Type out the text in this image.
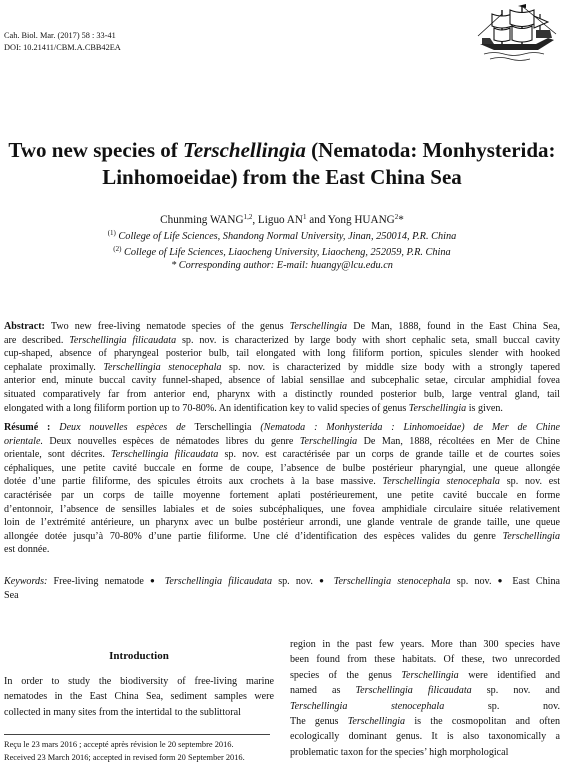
Cah. Biol. Mar. (2017) 58 : 33-41
DOI: 10.21411/CBM.A.CBB42EA
Two new species of Terschellingia (Nematoda: Monhysterida:
Linhomoeidae) from the East China Sea
Chunming WANG$^{1,2}$, Liguo $AN^1$ and Yong HUANG$^2$*
$^{(1)}$ College of Life Sciences, Shandong Normal University, Jinan, 250014, P.R. China
$^{(2)}$ College of Life Sciences, Liaocheng University, Liaocheng, 252059, P.R. China
* Corresponding author: E-mail: huangy@lcu.edu.cn
Abstract: Two new free-living nematode species of the genus Terschellingia De Man, 1888, found in the East China Sea,
are described. Terschellingia filicaudata sp. nov. is characterized by large body with short cephalic seta, small buccal cavity
cup-shaped, absence of pharyngeal posterior bulb, tail elongated with long filiform portion, spicules slender with hooked
cephalate proximally. Terschellingia stenocephala sp. nov. is characterized by middle size body with a strongly tapered
anterior end, minute buccal cavity funnel-shaped, absence of labial sensillae and subcephalic setae, circular amphidial fovea
situated comparatively far from anterior end, pharynx with a distinctly rounded posterior bulb, large ventral gland, tail
elongated with a long filiform portion up to 70-80%. An identification key to valid species of genus Terschellingia is given.
Résumé : Deux nouvelles espèces de Terschellingia (Nematoda : Monhysterida : Linhomoeidae) de Mer de Chine
orientale. Deux nouvelles espèces de nématodes libres du genre Terschellingia De Man, 1888, récoltées en Mer de Chine
orientale, sont décrites. Terschellingia filicaudata sp. nov. est caractérisée par un corps de grande taille et de courtes soies
céphaliques, une petite cavité buccale en forme de coupe, l’absence de bulbe postérieur pharyngial, une queue allongée
dotée d’une partie filiforme, des spicules étroits aux crochets à la base massive. Terschellingia stenocephala sp. nov. est
caractérisée par un corps de taille moyenne fortement aplati postérieurement, une petite cavité buccale en forme
d’entonnoir, l’absence de sensilles labiales et de soies subcéphaliques, une fovea amphidiale circulaire située relativement
loin de l’extrémité antérieure, un pharynx avec un bulbe postérieur arrondi, une glande ventrale de grande taille, une queue
allongée dotée jusqu’à 70-80% d’une partie filiforme. Une clé d’identification des espèces valides du genre Terschellingia
est donnée.
Keywords: Free-living nematode ● Terschellingia filicaudata sp. nov. ● Terschellingia stenocephala sp. nov. ● East China
Sea
Introduction
In order to study the biodiversity of free-living marine
nematodes in the East China Sea, sediment samples were
collected in many sites from the intertidal to the sublittoral
region in the past few years. More than 300 species have
been found from these habitats. Of these, two unrecorded
species of the genus Terschellingia were identified and
named as Terschellingia filicaudata sp. nov. and
Terschellingia stenocephala sp. nov.
The genus Terschellingia is the cosmopolitan and often
ecologically dominant genus. It is also taxonomically a
problematic taxon for the species’ high morphological
Reçu le 23 mars 2016 ; accepté après révision le 20 septembre 2016.
Received 23 March 2016; accepted in revised form 20 September 2016.
